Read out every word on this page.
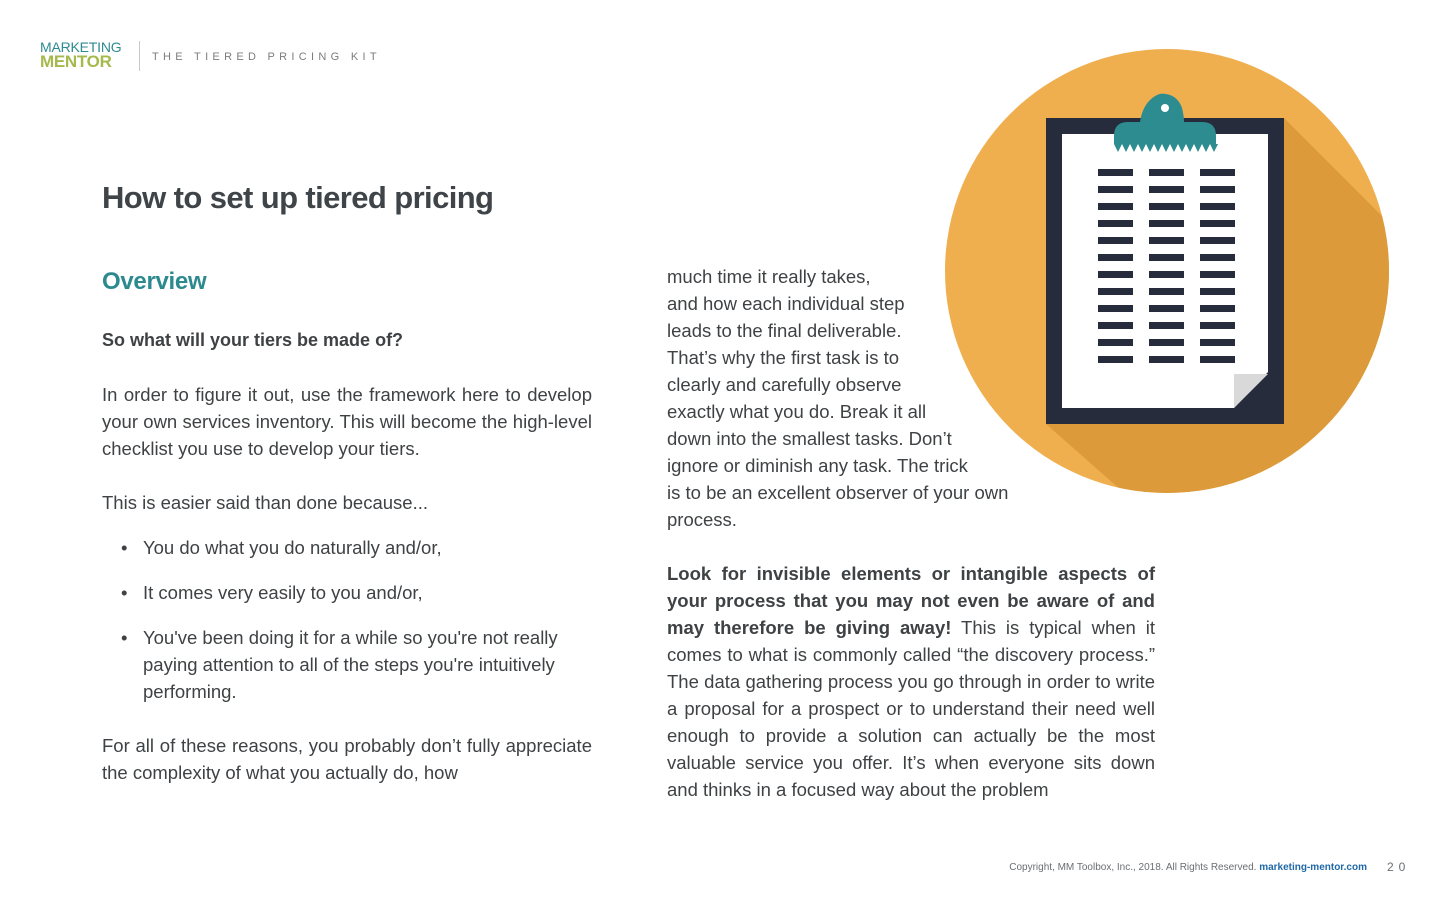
MARKETING
MENTOR	THE TIERED PRICING KIT
How to set up tiered pricing
Overview

So what will your tiers be made of?

In order to figure it out, use the framework here to develop your own services inventory. This will become the high-level checklist you use to develop your tiers.

This is easier said than done because...

• You do what you do naturally and/or,
• It comes very easily to you and/or,
• You've been doing it for a while so you're not really paying attention to all of the steps you're intuitively performing.

For all of these reasons, you probably don’t fully appreciate the complexity of what you actually do, how

much time it really takes,
and how each individual step
leads to the final deliverable.
That’s why the first task is to
clearly and carefully observe
exactly what you do. Break it all
down into the smallest tasks. Don’t
ignore or diminish any task. The trick
is to be an excellent observer of your own
process.

Look for invisible elements or intangible aspects of your process that you may not even be aware of and may therefore be giving away! This is typical when it comes to what is commonly called “the discovery process.” The data gathering process you go through in order to write a proposal for a prospect or to understand their need well enough to provide a solution can actually be the most valuable service you offer. It’s when everyone sits down and thinks in a focused way about the problem

Copyright, MM Toolbox, Inc., 2018. All Rights Reserved. marketing-mentor.com 20
